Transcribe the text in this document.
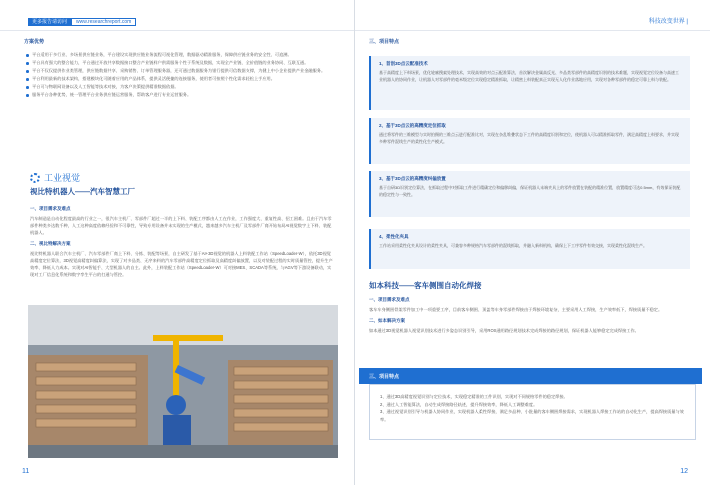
更多报告请访问	www.researchreport.com
方案优势
平台适用于多行业、多场景供应链业务，平台建设实现供应链业务流程可视化管理，数据驱动精准服务，保障供应链业务的安全性、可追溯。
平台具有强大的整合能力，平台通过开放共享数据接口整合产业链样户供需服务个性于系统及数据，实现全产业链、全价值链的业务协同、互联互通。
平台不仅仅提供作业类管理，供应链数据共享、采购销售、订单管理服务器，还可通过数据服务为银行提供可信数据支撑，为健上中小企业提供产业金融服务。
平台利用最新的技术架构，搭建模块化可随着应用的产品体系，提供灵活便捷的连接服务，使用者可按照个性化需求轻松上手应用。
平台可与物联网设备以及人工智能等技术对接，为客户决策提供精准数据依据。
服务平台各种优势，统一管理平台业务供应链运营服务，帮助客户进行专业运营服务。
工业视觉
视比特机器人——汽车智慧工厂
一、项目需求及难点

汽车制造是自动化程度最高的行业之一，很汽车主机厂、零部件厂超过一半的上下料、装配工序都由人工在作业，工作强度大、重复性高、招工困难。且由于汽车零部件种类多达数千种，人工这种高度依赖经验和不可靠性，导致专用设备并未实现的生产模式，越来越多汽车主机厂及零部件厂商开始布局AI视觉数字上下料、装配机器人。

二、视比特解决方案

视比特机器人联合汽车主机厂、汽车零部件厂商上下料、分拣、装配等场景，自主研发了基于AI+3D视觉的机器人上料装配工作站（SpeedLoader-W），依托3D视觉高精度定位算法，3D视觉高精度纠偏算法，实现了对多品类、无序来料的汽车零部件高精度定位抓取及高精度纠偏放置，以及对装配过程的实时质量管控，提升生产效率、降低人力成本。实现对AI智能手、大型机器人的自主。此外，上料装配工作站（SpeedLoader-W）可对接MES、SCADA等系统，与AGV等下游设备联动，实现对工厂信息化系统和数字孪生平台的打通与管控。

11
科技改变世界 |
三、项目特点
1、首创3D点云配准技术
基于高精度上下料场景，优化轮廓搜索处理技术，实现高效的对点云配准算法，首次解决金属高反光、多品类零部件的高精度识别的技术难题，实现视觉定位设备与高速工业机器人的协同作业，让机器人对零部件的毫米级定位实现稳定精准抓取，让精密上料装配真正实现无人化作业落地应用，实现对各种零部件的稳定可靠上料与装配。
2、基于3D点云的高精度定位抓取
通过将零件的三维模型与实时拍摄的三维点云进行配准比对，实现在杂乱堆叠状态下工件的高精度识别和定位，使机器人可以精准抓取零件，满足高精度上料要求，并实现多种零件混线生产的柔性化生产模式。
3、基于3D点云的高精度纠偏放置
基于自研3D识别定位算法，在抓取过程中对抓取工件进行精确定位和偏移纠偏，保证机器人末端夹具上的零件放置在装配的精准位置，放置精度可达0.5mm，有效保证装配的稳定性与一致性。
4、柔性化夹具
工作站采用柔性化夹具设计的柔性夹具，可兼容多种规格汽车零部件的混线抓取，并融入新料机构，确保上下工序零件有效交接，实现柔性化混线生产。
如本科技——客车侧围自动化焊接
一、项目需求及难点

客车车身侧围骨架零件加工中一项重要工序，目前客车侧围、顶盖等车身零部件焊接由于焊接环境复杂，主要采用人工焊接，生产效率低下，焊接质量不稳定。

二、如本解决方案

如本通过3D视觉机器人视觉识别技术进行多姿态识别引导，采用ROS通用路径规划技术完成焊接的路径规划，保证机器人能够稳定完成焊接工作。

三、项目特点
1、通过3D高精度视觉识别与定位技术，实现稳定精准的工件识别，实现对不同规格零件的稳定焊接。
2、通过人工智能算法，自动生成焊接路径轨迹，提升焊接效率，降低人工调整难度。
3、通过视觉识别引导与机器人协同作业，实现机器人柔性焊接，满足多品种、小批量的客车侧围焊接需求，实现机器人焊接工作站的自动化生产，提高焊接质量与效率。
12
